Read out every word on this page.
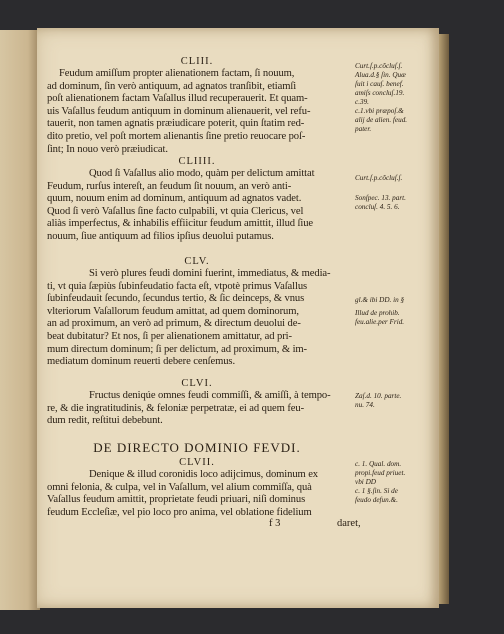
CLIII.
Feudum amiſſum propter alienationem factam, ſi nouum,
ad dominum, ſin verò antiquum, ad agnatos tranſibit, etiamſi
poſt alienationem factam Vaſallus illud recuperauerit. Et quam-
uis Vaſallus feudum antiquum in dominum alienauerit, vel refu-
tauerit, non tamen agnatis præiudicare poterit, quin ſtatim red-
dito pretio, vel poſt mortem alienantis ſine pretio reuocare poſ-
ſint; In nouo verò præiudicat.
CLIIII.
Quod ſi Vaſallus alio modo, quàm per delictum amittat
Feudum, rurſus intereſt, an feudum ſit nouum, an verò anti-
quum, nouum enim ad dominum, antiquum ad agnatos vadet.
Quod ſi verò Vaſallus ſine facto culpabili, vt quia Clericus, vel
aliàs imperfectus, & inhabilis effiicitur feudum amittit, illud ſiue
nouum, ſiue antiquum ad filios ipſius deuolui putamus.
CLV.
Si verò plures feudi domini fuerint, immediatus, & media-
ti, vt quia ſæpiùs ſubinfeudatio facta eſt, vtpotè primus Vaſallus
ſubinfeudauit ſecundo, ſecundus tertio, & ſic deinceps, & vnus
vlteriorum Vaſallorum feudum amittat, ad quem dominorum,
an ad proximum, an verò ad primum, & directum deuolui de-
beat dubitatur? Et nos, ſi per alienationem amittatur, ad pri-
mum directum dominum; ſi per delictum, ad proximum, & im-
mediatum dominum reuerti debere cenſemus.
CLVI.
Fructus deniqúe omnes feudi commiſſi, & amiſſi, à tempo-
re, & die ingratitudinis, & feloniæ perpetratæ, ei ad quem feu-
dum redit, reſtitui debebunt.
DE DIRECTO DOMINIO FEVDI.
CLVII.
Denique & illud coronidis loco adijcimus, dominum ex
omni felonia, & culpa, vel in Vaſallum, vel alium commiſſa, quà
Vaſallus feudum amittit, proprietate feudi priuari, niſi dominus
feudum Eccleſiæ, vel pio loco pro anima, vel oblatione fidelium
f 3	daret,
Curt.ſ.p.cõcluſ.ſ.
Alua.d.§ ſin. Quæ
ſuit i cauſ. benef.
amiſs concluſ.19.
c.39.
c.1.vbi præpoſ.&
alij de alien. feud.
pater.
Curt.ſ.p.cõcluſ.ſ.
Sonſpec. 13. part.
concluſ. 4. 5. 6.
gl.& ibi DD. in §
Illud de prohib.
feu.alie.per Frid.
Zaſ.d. 10. parte.
nu. 74.
c. 1. Qual. dom.
propi.feud priuet.
vbi DD
c. 1 §.ſin. Si de
feudo defun.&.
